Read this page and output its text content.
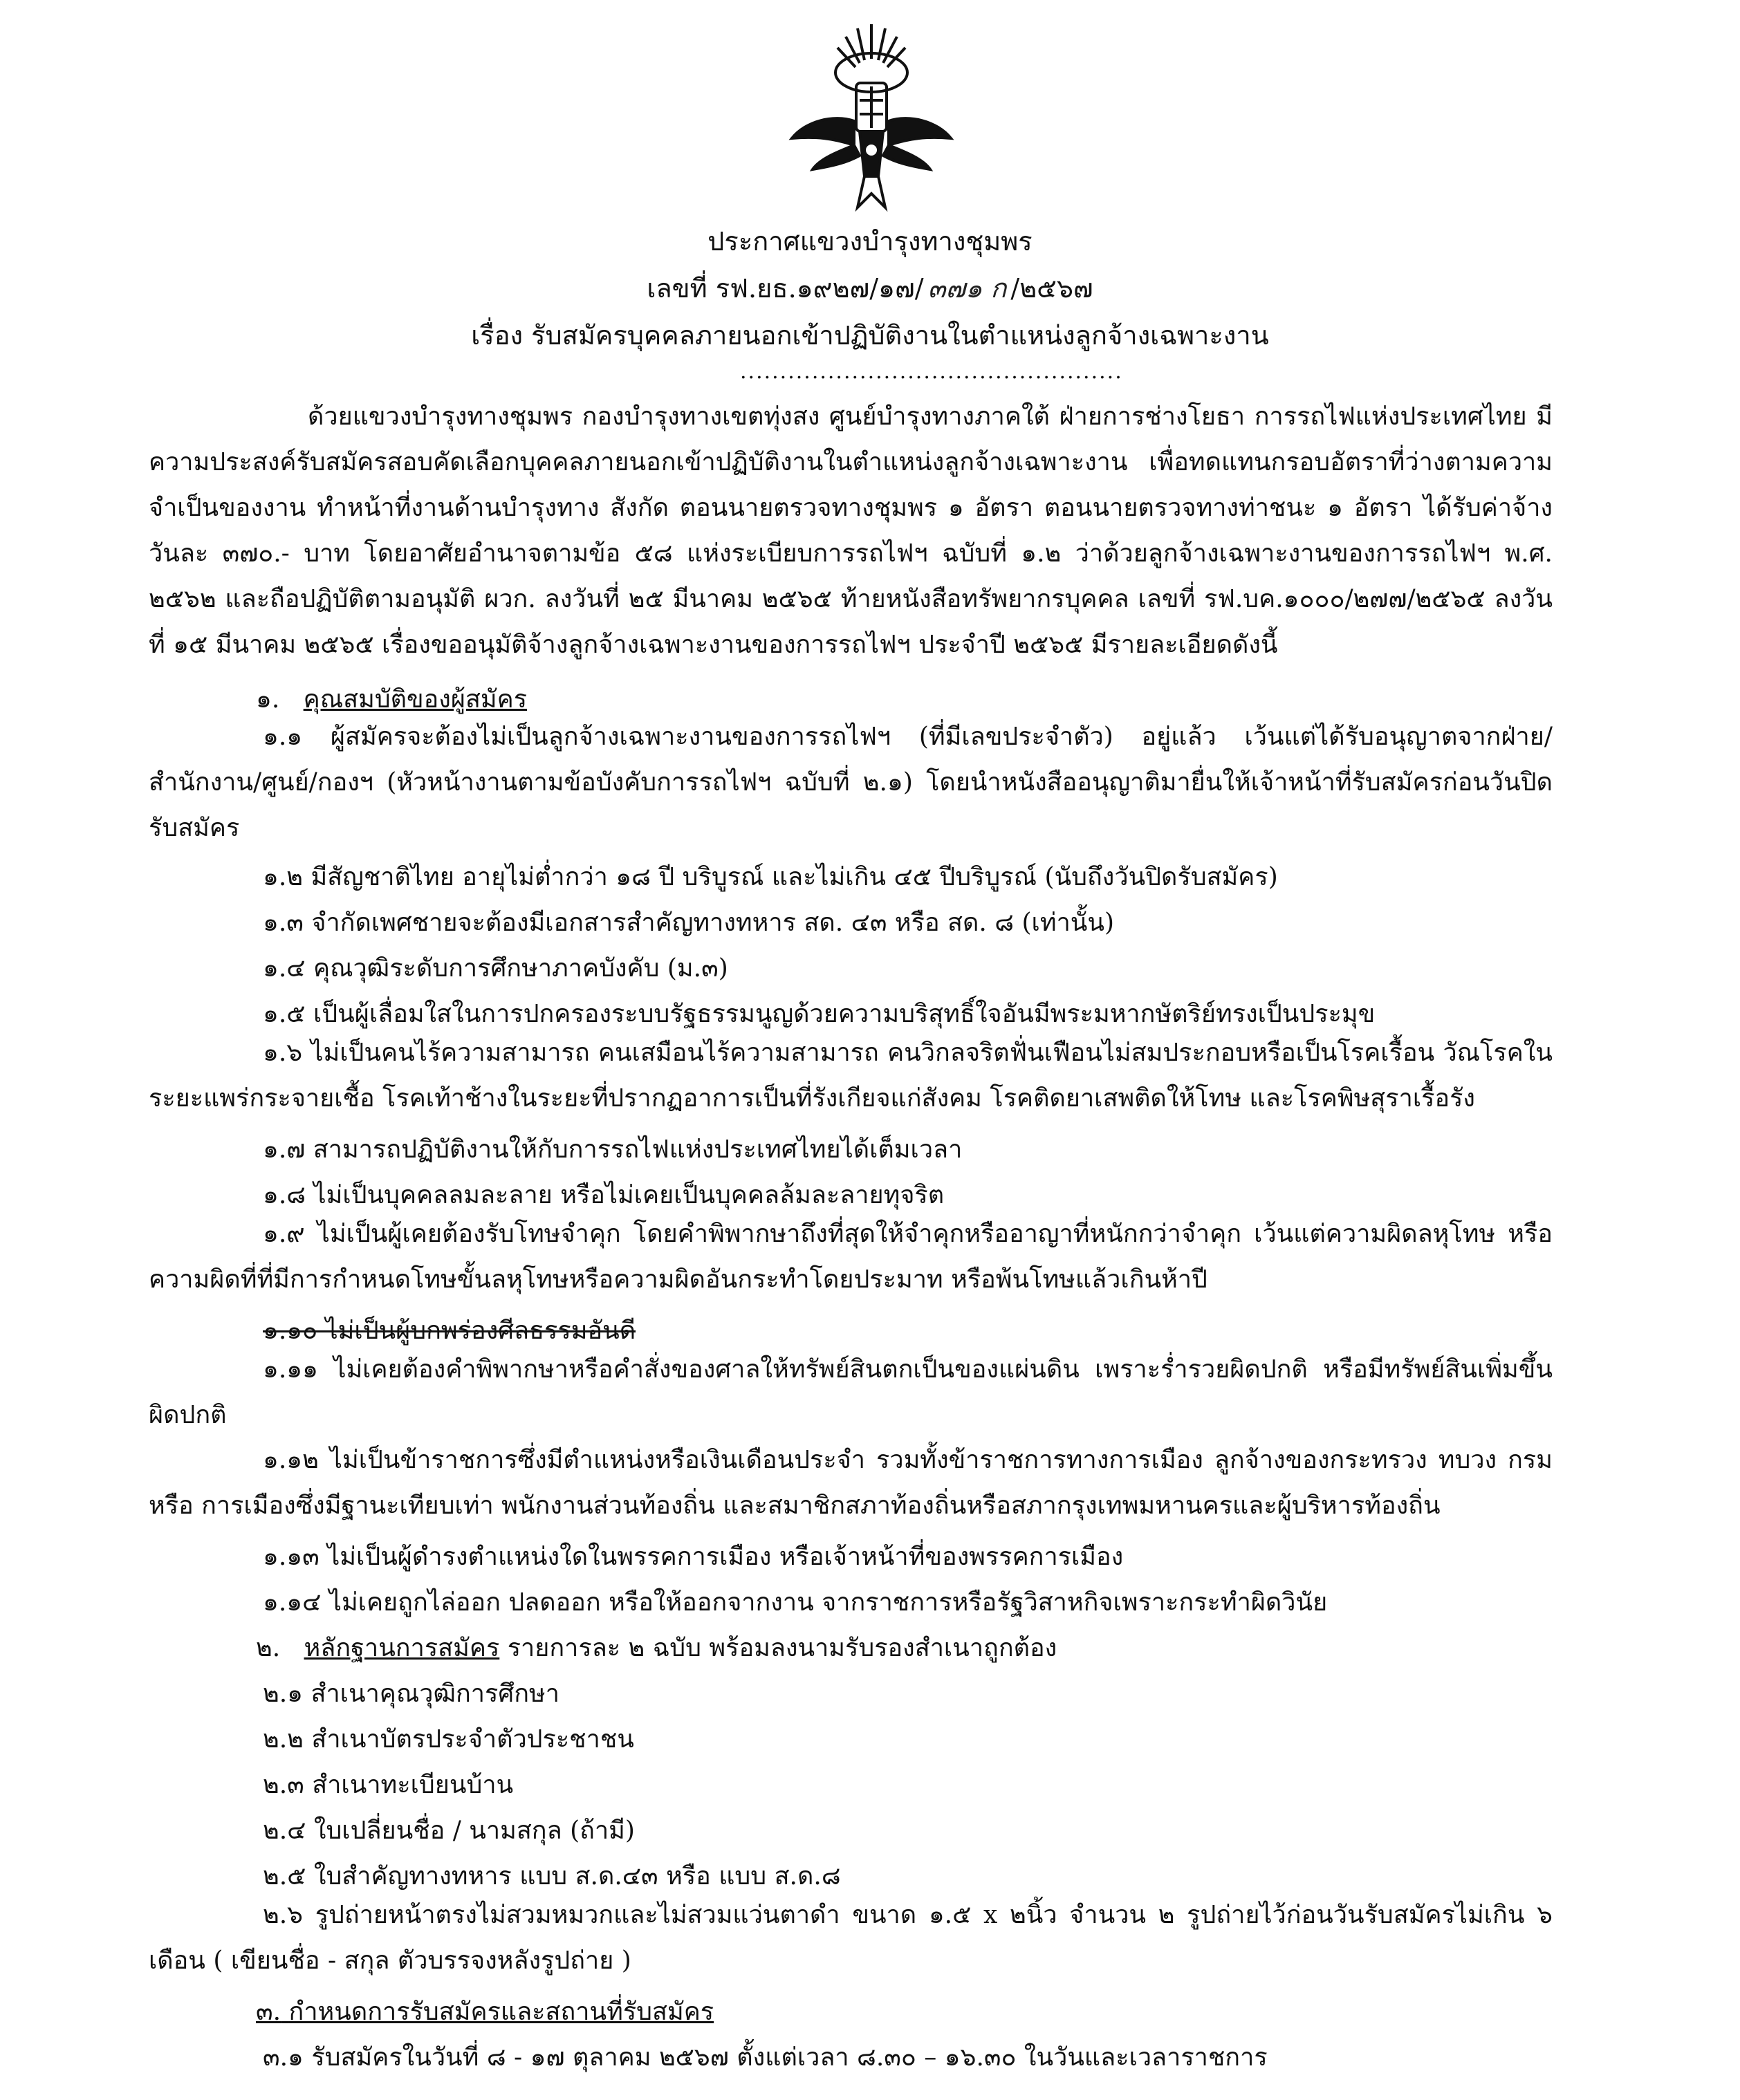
ประกาศแขวงบำรุงทางชุมพร
เลขที่ รฟ.ยธ.๑๙๒๗/๑๗/ ๓๗๑ ก /๒๕๖๗
เรื่อง รับสมัครบุคคลภายนอกเข้าปฏิบัติงานในตำแหน่งลูกจ้างเฉพาะงาน
................................................

ด้วยแขวงบำรุงทางชุมพร กองบำรุงทางเขตทุ่งสง ศูนย์บำรุงทางภาคใต้ ฝ่ายการช่างโยธา การรถไฟแห่งประเทศไทย มีความประสงค์รับสมัครสอบคัดเลือกบุคคลภายนอกเข้าปฏิบัติงานในตำแหน่งลูกจ้างเฉพาะงาน เพื่อทดแทนกรอบอัตราที่ว่างตามความจำเป็นของงาน ทำหน้าที่งานด้านบำรุงทาง สังกัด ตอนนายตรวจทางชุมพร ๑ อัตรา ตอนนายตรวจทางท่าชนะ ๑ อัตรา ได้รับค่าจ้างวันละ ๓๗๐.- บาท โดยอาศัยอำนาจตามข้อ ๕๘ แห่งระเบียบการรถไฟฯ ฉบับที่ ๑.๒ ว่าด้วยลูกจ้างเฉพาะงานของการรถไฟฯ พ.ศ. ๒๕๖๒ และถือปฏิบัติตามอนุมัติ ผวก. ลงวันที่ ๒๕ มีนาคม ๒๕๖๕ ท้ายหนังสือทรัพยากรบุคคล เลขที่ รฟ.บค.๑๐๐๐/๒๗๗/๒๕๖๕ ลงวันที่ ๑๕ มีนาคม ๒๕๖๕ เรื่องขออนุมัติจ้างลูกจ้างเฉพาะงานของการรถไฟฯ ประจำปี ๒๕๖๕ มีรายละเอียดดังนี้

๑. คุณสมบัติของผู้สมัคร

๑.๑ ผู้สมัครจะต้องไม่เป็นลูกจ้างเฉพาะงานของการรถไฟฯ (ที่มีเลขประจำตัว) อยู่แล้ว เว้นแต่ได้รับอนุญาตจากฝ่าย/สำนักงาน/ศูนย์/กองฯ (หัวหน้างานตามข้อบังคับการรถไฟฯ ฉบับที่ ๒.๑) โดยนำหนังสืออนุญาติมายื่นให้เจ้าหน้าที่รับสมัครก่อนวันปิดรับสมัคร

๑.๒ มีสัญชาติไทย อายุไม่ต่ำกว่า ๑๘ ปี บริบูรณ์ และไม่เกิน ๔๕ ปีบริบูรณ์ (นับถึงวันปิดรับสมัคร)
๑.๓ จำกัดเพศชายจะต้องมีเอกสารสำคัญทางทหาร สด. ๔๓ หรือ สด. ๘ (เท่านั้น)
๑.๔ คุณวุฒิระดับการศึกษาภาคบังคับ (ม.๓)
๑.๕ เป็นผู้เลื่อมใสในการปกครองระบบรัฐธรรมนูญด้วยความบริสุทธิ์ใจอันมีพระมหากษัตริย์ทรงเป็นประมุข

๑.๖ ไม่เป็นคนไร้ความสามารถ คนเสมือนไร้ความสามารถ คนวิกลจริตฟั่นเฟือนไม่สมประกอบหรือเป็นโรคเรื้อน วัณโรคในระยะแพร่กระจายเชื้อ โรคเท้าช้างในระยะที่ปรากฏอาการเป็นที่รังเกียจแก่สังคม โรคติดยาเสพติดให้โทษ และโรคพิษสุราเรื้อรัง

๑.๗ สามารถปฏิบัติงานให้กับการรถไฟแห่งประเทศไทยได้เต็มเวลา
๑.๘ ไม่เป็นบุคคลลมละลาย หรือไม่เคยเป็นบุคคลล้มละลายทุจริต

๑.๙ ไม่เป็นผู้เคยต้องรับโทษจำคุก โดยคำพิพากษาถึงที่สุดให้จำคุกหรืออาญาที่หนักกว่าจำคุก เว้นแต่ความผิดลหุโทษ หรือความผิดที่ที่มีการกำหนดโทษขั้นลหุโทษหรือความผิดอันกระทำโดยประมาท หรือพ้นโทษแล้วเกินห้าปี

๑.๑๐ ไม่เป็นผู้บกพร่องศีลธรรมอันดี

๑.๑๑ ไม่เคยต้องคำพิพากษาหรือคำสั่งของศาลให้ทรัพย์สินตกเป็นของแผ่นดิน เพราะร่ำรวยผิดปกติ หรือมีทรัพย์สินเพิ่มขึ้นผิดปกติ

๑.๑๒ ไม่เป็นข้าราชการซึ่งมีตำแหน่งหรือเงินเดือนประจำ รวมทั้งข้าราชการทางการเมือง ลูกจ้างของกระทรวง ทบวง กรม หรือ การเมืองซึ่งมีฐานะเทียบเท่า พนักงานส่วนท้องถิ่น และสมาชิกสภาท้องถิ่นหรือสภากรุงเทพมหานครและผู้บริหารท้องถิ่น

๑.๑๓ ไม่เป็นผู้ดำรงตำแหน่งใดในพรรคการเมือง หรือเจ้าหน้าที่ของพรรคการเมือง
๑.๑๔ ไม่เคยถูกไล่ออก ปลดออก หรือให้ออกจากงาน จากราชการหรือรัฐวิสาหกิจเพราะกระทำผิดวินัย
๒. หลักฐานการสมัคร รายการละ ๒ ฉบับ พร้อมลงนามรับรองสำเนาถูกต้อง
๒.๑ สำเนาคุณวุฒิการศึกษา
๒.๒ สำเนาบัตรประจำตัวประชาชน
๒.๓ สำเนาทะเบียนบ้าน
๒.๔ ใบเปลี่ยนชื่อ / นามสกุล (ถ้ามี)
๒.๕ ใบสำคัญทางทหาร แบบ ส.ด.๔๓ หรือ แบบ ส.ด.๘

๒.๖ รูปถ่ายหน้าตรงไม่สวมหมวกและไม่สวมแว่นตาดำ ขนาด ๑.๕ x ๒นิ้ว จำนวน ๒ รูปถ่ายไว้ก่อนวันรับสมัครไม่เกิน ๖ เดือน ( เขียนชื่อ - สกุล ตัวบรรจงหลังรูปถ่าย )

๓. กำหนดการรับสมัครและสถานที่รับสมัคร
๓.๑ รับสมัครในวันที่ ๘ - ๑๗ ตุลาคม ๒๕๖๗ ตั้งแต่เวลา ๘.๓๐ – ๑๖.๓๐ ในวันและเวลาราชการ
